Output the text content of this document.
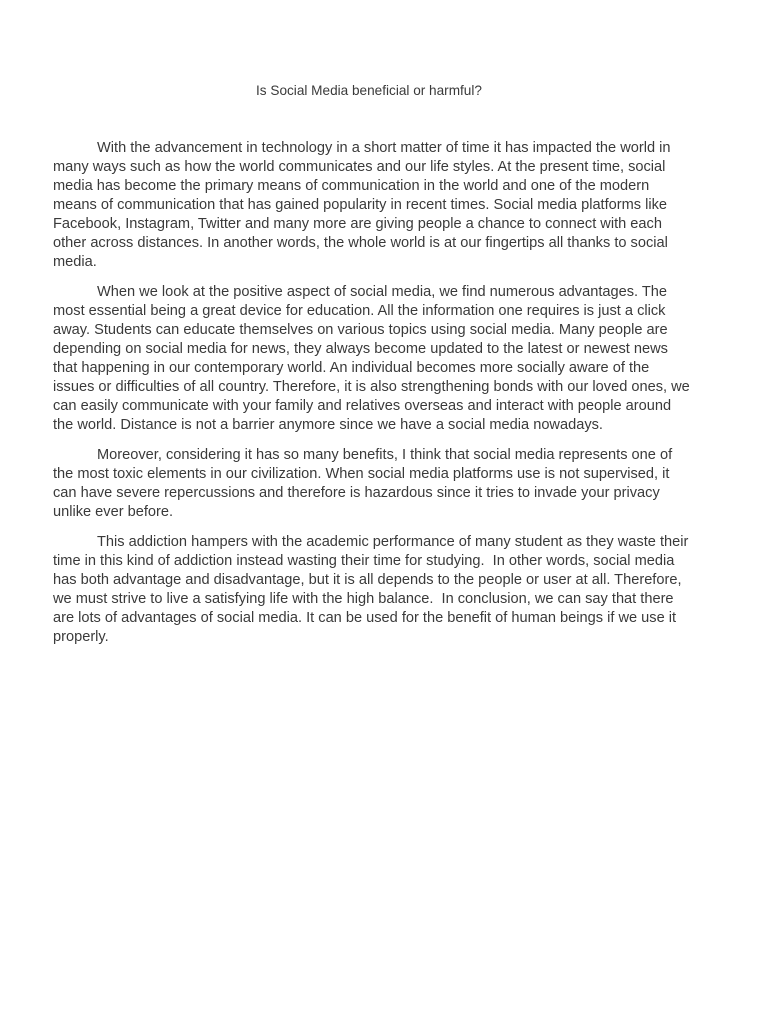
Is Social Media beneficial or harmful?
With the advancement in technology in a short matter of time it has impacted the world in
many ways such as how the world communicates and our life styles. At the present time, social
media has become the primary means of communication in the world and one of the modern
means of communication that has gained popularity in recent times. Social media platforms like
Facebook, Instagram, Twitter and many more are giving people a chance to connect with each
other across distances. In another words, the whole world is at our fingertips all thanks to social
media.
When we look at the positive aspect of social media, we find numerous advantages. The
most essential being a great device for education. All the information one requires is just a click
away. Students can educate themselves on various topics using social media. Many people are
depending on social media for news, they always become updated to the latest or newest news
that happening in our contemporary world. An individual becomes more socially aware of the
issues or difficulties of all country. Therefore, it is also strengthening bonds with our loved ones, we
can easily communicate with your family and relatives overseas and interact with people around
the world. Distance is not a barrier anymore since we have a social media nowadays.
Moreover, considering it has so many benefits, I think that social media represents one of
the most toxic elements in our civilization. When social media platforms use is not supervised, it
can have severe repercussions and therefore is hazardous since it tries to invade your privacy
unlike ever before.
This addiction hampers with the academic performance of many student as they waste their
time in this kind of addiction instead wasting their time for studying.  In other words, social media
has both advantage and disadvantage, but it is all depends to the people or user at all. Therefore,
we must strive to live a satisfying life with the high balance.  In conclusion, we can say that there
are lots of advantages of social media. It can be used for the benefit of human beings if we use it
properly.
